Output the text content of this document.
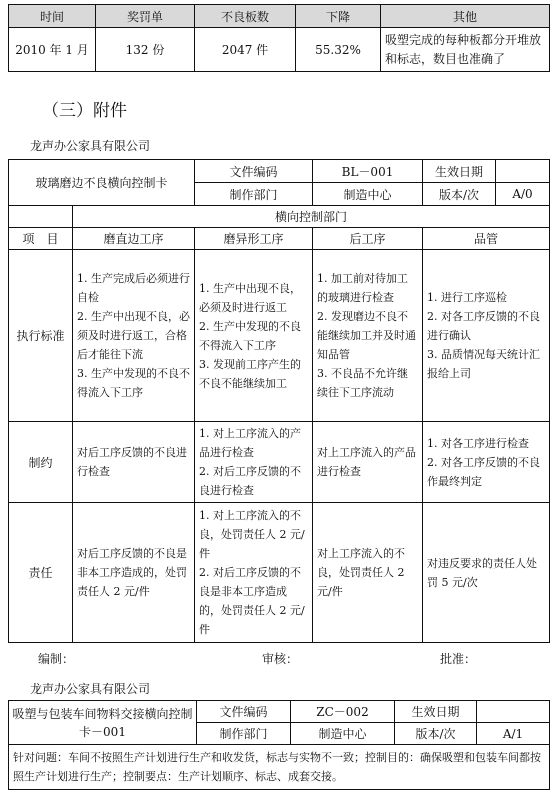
时间	奖罚单	不良板数	下降	其他
2010 年 1 月	132 份	2047 件	55.32%	吸塑完成的每种板都分开堆放和标志，数目也准确了
（三）附件
龙声办公家具有限公司
玻璃磨边不良横向控制卡		文件编码	BL－001	生效日期

		制作部门	制造中心	版本/次 A/0

	横向控制部门			
项　目	磨直边工序	磨异形工序	后工序	品管
执行标准	1. 生产完成后必须进行自检
2. 生产中出现不良，必须及时进行返工，合格后才能往下流
3. 生产中发现的不良不得流入下工序	1. 生产中出现不良，必须及时进行返工
2. 生产中发现的不良不得流入下工序
3. 发现前工序产生的不良不能继续加工	1. 加工前对待加工的玻璃进行检查
2. 发现磨边不良不能继续加工并及时通知品管
3. 不良品不允许继续往下工序流动	1. 进行工序巡检
2. 对各工序反馈的不良进行确认
3. 品质情况每天统计汇报给上司

制约	对后工序反馈的不良进行检查	1. 对上工序流入的产品进行检查
2. 对后工序反馈的不良进行检查	对上工序流入的产品进行检查	1. 对各工序进行检查
2. 对各工序反馈的不良作最终判定

责任	对后工序反馈的不良是非本工序造成的，处罚责任人 2 元/件	1. 对上工序流入的不良，处罚责任人 2 元/件
2. 对后工序反馈的不良是非本工序造成的，处罚责任人 2 元/件	对上工序流入的不良，处罚责任人 2 元/件	对违反要求的责任人处罚 5 元/次
编制：	审核：	批准：
龙声办公家具有限公司
吸塑与包装车间物料交接横向控制卡－001	文件编码	ZC－002	生效日期	
	制作部门	制造中心	版本/次	A/1
针对问题：车间不按照生产计划进行生产和收发货，标志与实物不一致；控制目的：确保吸塑和包装车间都按照生产计划进行生产；控制要点：生产计划顺序、标志、成套交接。				
